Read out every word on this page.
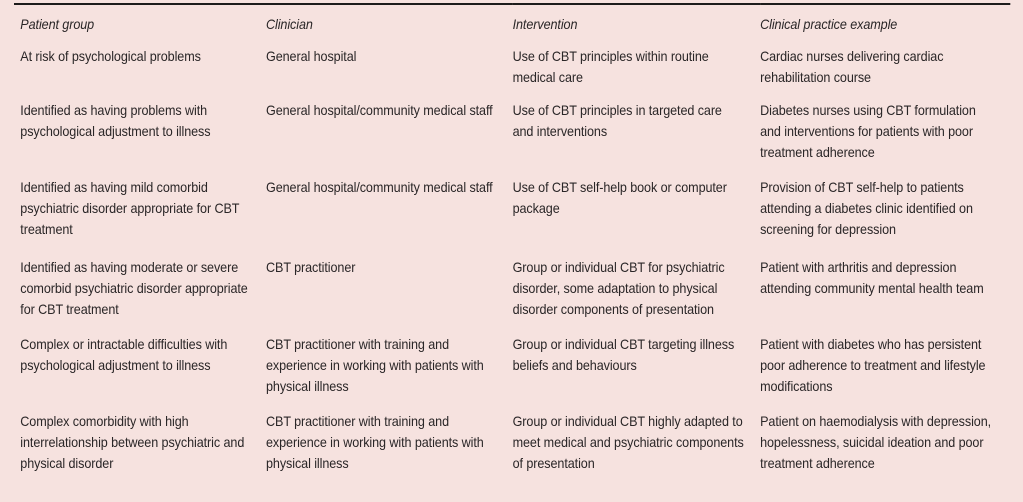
Patient group	Clinician	Intervention	Clinical practice example
At risk of psychological problems	General hospital	Use of CBT principles within routine medical care	Cardiac nurses delivering cardiac rehabilitation course
Identified as having problems with psychological adjustment to illness	General hospital/community medical staff	Use of CBT principles in targeted care and interventions	Diabetes nurses using CBT formulation and interventions for patients with poor treatment adherence
Identified as having mild comorbid psychiatric disorder appropriate for CBT treatment	General hospital/community medical staff	Use of CBT self-help book or computer package	Provision of CBT self-help to patients attending a diabetes clinic identified on screening for depression
Identified as having moderate or severe comorbid psychiatric disorder appropriate for CBT treatment	CBT practitioner	Group or individual CBT for psychiatric disorder, some adaptation to physical disorder components of presentation	Patient with arthritis and depression attending community mental health team
Complex or intractable difficulties with psychological adjustment to illness	CBT practitioner with training and experience in working with patients with physical illness	Group or individual CBT targeting illness beliefs and behaviours	Patient with diabetes who has persistent poor adherence to treatment and lifestyle modifications
Complex comorbidity with high interrelationship between psychiatric and physical disorder	CBT practitioner with training and experience in working with patients with physical illness	Group or individual CBT highly adapted to meet medical and psychiatric components of presentation	Patient on haemodialysis with depression, hopelessness, suicidal ideation and poor treatment adherence
